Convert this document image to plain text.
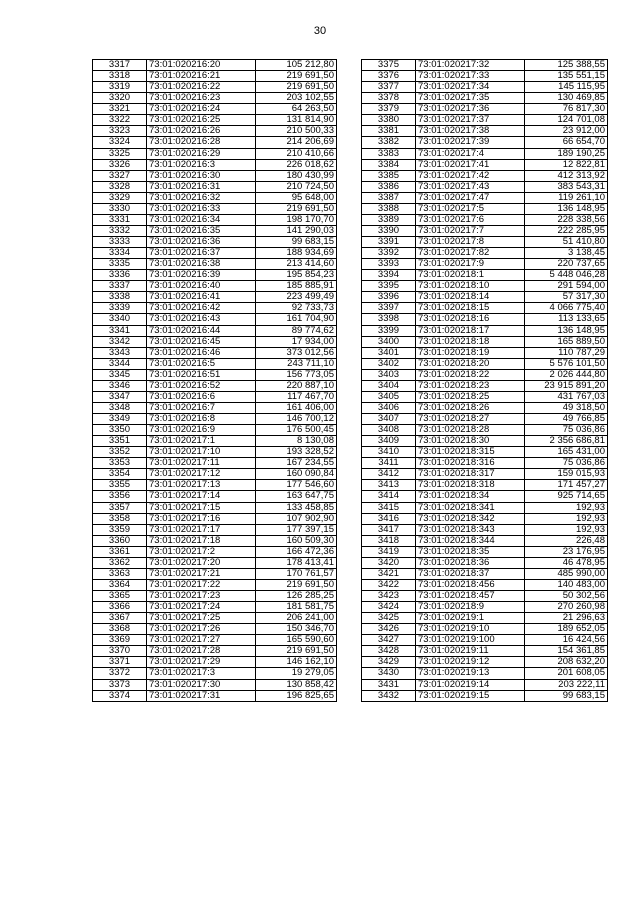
30
3317	73:01:020216:20	105 212,80
3318	73:01:020216:21	219 691,50
3319	73:01:020216:22	219 691,50
3320	73:01:020216:23	203 102,55
3321	73:01:020216:24	64 263,50
3322	73:01:020216:25	131 814,90
3323	73:01:020216:26	210 500,33
3324	73:01:020216:28	214 206,69
3325	73:01:020216:29	210 410,66
3326	73:01:020216:3	226 018,62
3327	73:01:020216:30	180 430,99
3328	73:01:020216:31	210 724,50
3329	73:01:020216:32	95 648,00
3330	73:01:020216:33	219 691,50
3331	73:01:020216:34	198 170,70
3332	73:01:020216:35	141 290,03
3333	73:01:020216:36	99 683,15
3334	73:01:020216:37	188 934,69
3335	73:01:020216:38	213 414,60
3336	73:01:020216:39	195 854,23
3337	73:01:020216:40	185 885,91
3338	73:01:020216:41	223 499,49
3339	73:01:020216:42	92 733,73
3340	73:01:020216:43	161 704,90
3341	73:01:020216:44	89 774,62
3342	73:01:020216:45	17 934,00
3343	73:01:020216:46	373 012,56
3344	73:01:020216:5	243 711,10
3345	73:01:020216:51	156 773,05
3346	73:01:020216:52	220 887,10
3347	73:01:020216:6	117 467,70
3348	73:01:020216:7	161 406,00
3349	73:01:020216:8	146 700,12
3350	73:01:020216:9	176 500,45
3351	73:01:020217:1	8 130,08
3352	73:01:020217:10	193 328,52
3353	73:01:020217:11	167 234,55
3354	73:01:020217:12	160 090,84
3355	73:01:020217:13	177 546,60
3356	73:01:020217:14	163 647,75
3357	73:01:020217:15	133 458,85
3358	73:01:020217:16	107 902,90
3359	73:01:020217:17	177 397,15
3360	73:01:020217:18	160 509,30
3361	73:01:020217:2	166 472,36
3362	73:01:020217:20	178 413,41
3363	73:01:020217:21	170 761,57
3364	73:01:020217:22	219 691,50
3365	73:01:020217:23	126 285,25
3366	73:01:020217:24	181 581,75
3367	73:01:020217:25	206 241,00
3368	73:01:020217:26	150 346,70
3369	73:01:020217:27	165 590,60
3370	73:01:020217:28	219 691,50
3371	73:01:020217:29	146 162,10
3372	73:01:020217:3	19 279,05
3373	73:01:020217:30	130 858,42
3374	73:01:020217:31	196 825,65
3375	73:01:020217:32	125 388,55
3376	73:01:020217:33	135 551,15
3377	73:01:020217:34	145 115,95
3378	73:01:020217:35	130 469,85
3379	73:01:020217:36	76 817,30
3380	73:01:020217:37	124 701,08
3381	73:01:020217:38	23 912,00
3382	73:01:020217:39	66 654,70
3383	73:01:020217:4	189 190,25
3384	73:01:020217:41	12 822,81
3385	73:01:020217:42	412 313,92
3386	73:01:020217:43	383 543,31
3387	73:01:020217:47	119 261,10
3388	73:01:020217:5	136 148,95
3389	73:01:020217:6	228 338,56
3390	73:01:020217:7	222 285,95
3391	73:01:020217:8	51 410,80
3392	73:01:020217:82	3 138,45
3393	73:01:020217:9	220 737,65
3394	73:01:020218:1	5 448 046,28
3395	73:01:020218:10	291 594,00
3396	73:01:020218:14	57 317,30
3397	73:01:020218:15	4 066 775,40
3398	73:01:020218:16	113 133,65
3399	73:01:020218:17	136 148,95
3400	73:01:020218:18	165 889,50
3401	73:01:020218:19	110 787,29
3402	73:01:020218:20	5 576 101,50
3403	73:01:020218:22	2 026 444,80
3404	73:01:020218:23	23 915 891,20
3405	73:01:020218:25	431 767,03
3406	73:01:020218:26	49 318,50
3407	73:01:020218:27	49 766,85
3408	73:01:020218:28	75 036,86
3409	73:01:020218:30	2 356 686,81
3410	73:01:020218:315	165 431,00
3411	73:01:020218:316	75 036,86
3412	73:01:020218:317	159 015,93
3413	73:01:020218:318	171 457,27
3414	73:01:020218:34	925 714,65
3415	73:01:020218:341	192,93
3416	73:01:020218:342	192,93
3417	73:01:020218:343	192,93
3418	73:01:020218:344	226,48
3419	73:01:020218:35	23 176,95
3420	73:01:020218:36	46 478,95
3421	73:01:020218:37	485 990,00
3422	73:01:020218:456	140 483,00
3423	73:01:020218:457	50 302,56
3424	73:01:020218:9	270 260,98
3425	73:01:020219:1	21 296,63
3426	73:01:020219:10	189 652,05
3427	73:01:020219:100	16 424,56
3428	73:01:020219:11	154 361,85
3429	73:01:020219:12	208 632,20
3430	73:01:020219:13	201 608,05
3431	73:01:020219:14	203 222,11
3432	73:01:020219:15	99 683,15
